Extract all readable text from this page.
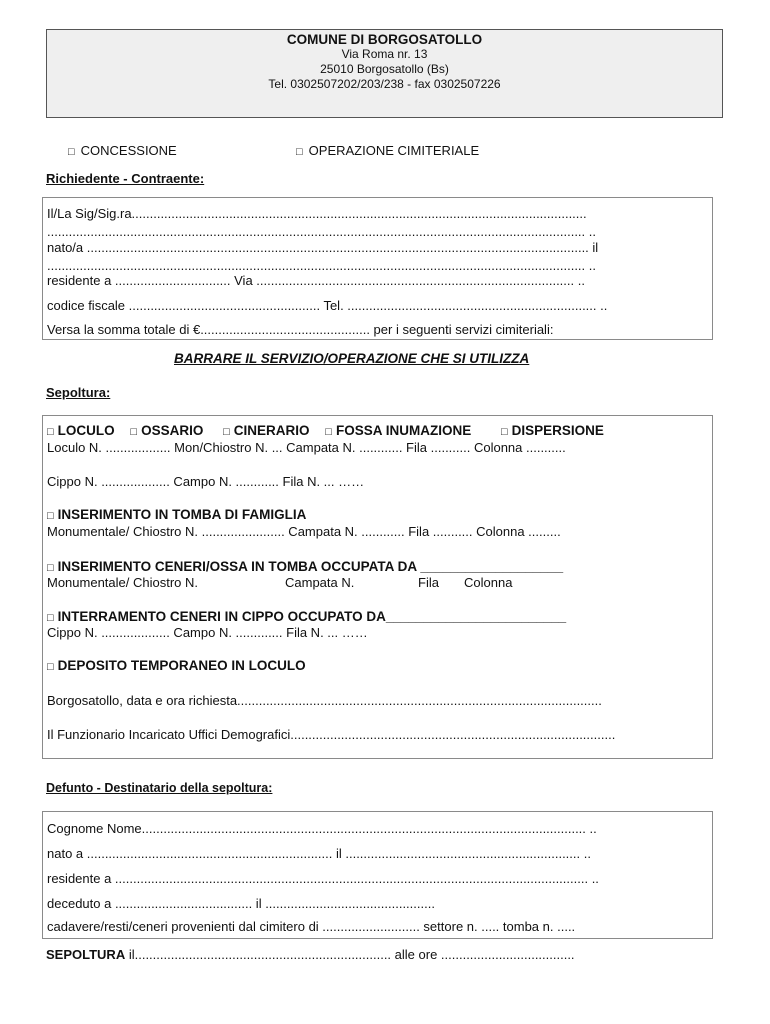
COMUNE DI BORGOSATOLLO
Via Roma nr. 13
25010 Borgosatollo (Bs)
Tel. 0302507202/203/238 - fax 0302507226
□ CONCESSIONE	□ OPERAZIONE CIMITERIALE
Richiedente - Contraente:
Il/La Sig/Sig.ra..............................................................................................................................
..................................................................................................................................................... ..
nato/a ........................................................................................................................................... il
..................................................................................................................................................... ..
residente a ................................ Via ........................................................................................ ..
codice fiscale ..................................................... Tel. ..................................................................... ..
Versa la somma totale di €............................................... per i seguenti servizi cimiteriali:
BARRARE IL SERVIZIO/OPERAZIONE CHE SI UTILIZZA
Sepoltura:
□ LOCULO □ OSSARIO □ CINERARIO □ FOSSA INUMAZIONE	□ DISPERSIONE
Loculo N. .................. Mon/Chiostro N. ... Campata N. ............ Fila ........... Colonna ...........
Cippo N. ................... Campo N. ............ Fila N. ... ……
□ INSERIMENTO IN TOMBA DI FAMIGLIA
Monumentale/ Chiostro N. ....................... Campata N. ............ Fila ........... Colonna .........
□ INSERIMENTO CENERI/OSSA IN TOMBA OCCUPATA DA ___________________
Monumentale/ Chiostro N.	Campata N.	Fila Colonna
□ INTERRAMENTO CENERI IN CIPPO OCCUPATO DA________________________
Cippo N. ................... Campo N. ............. Fila N. ... ……
□ DEPOSITO TEMPORANEO IN LOCULO
Borgosatollo, data e ora richiesta.....................................................................................................
Il Funzionario Incaricato Uffici Demografici..........................................................................................
Defunto - Destinatario della sepoltura:
Cognome Nome........................................................................................................................... ..
nato a .................................................................... il ................................................................. ..
residente a ................................................................................................................................... ..
deceduto a ...................................... il ...............................................
cadavere/resti/ceneri provenienti dal cimitero di ........................... settore n. ..... tomba n. .....
SEPOLTURA il....................................................................... alle ore .....................................
